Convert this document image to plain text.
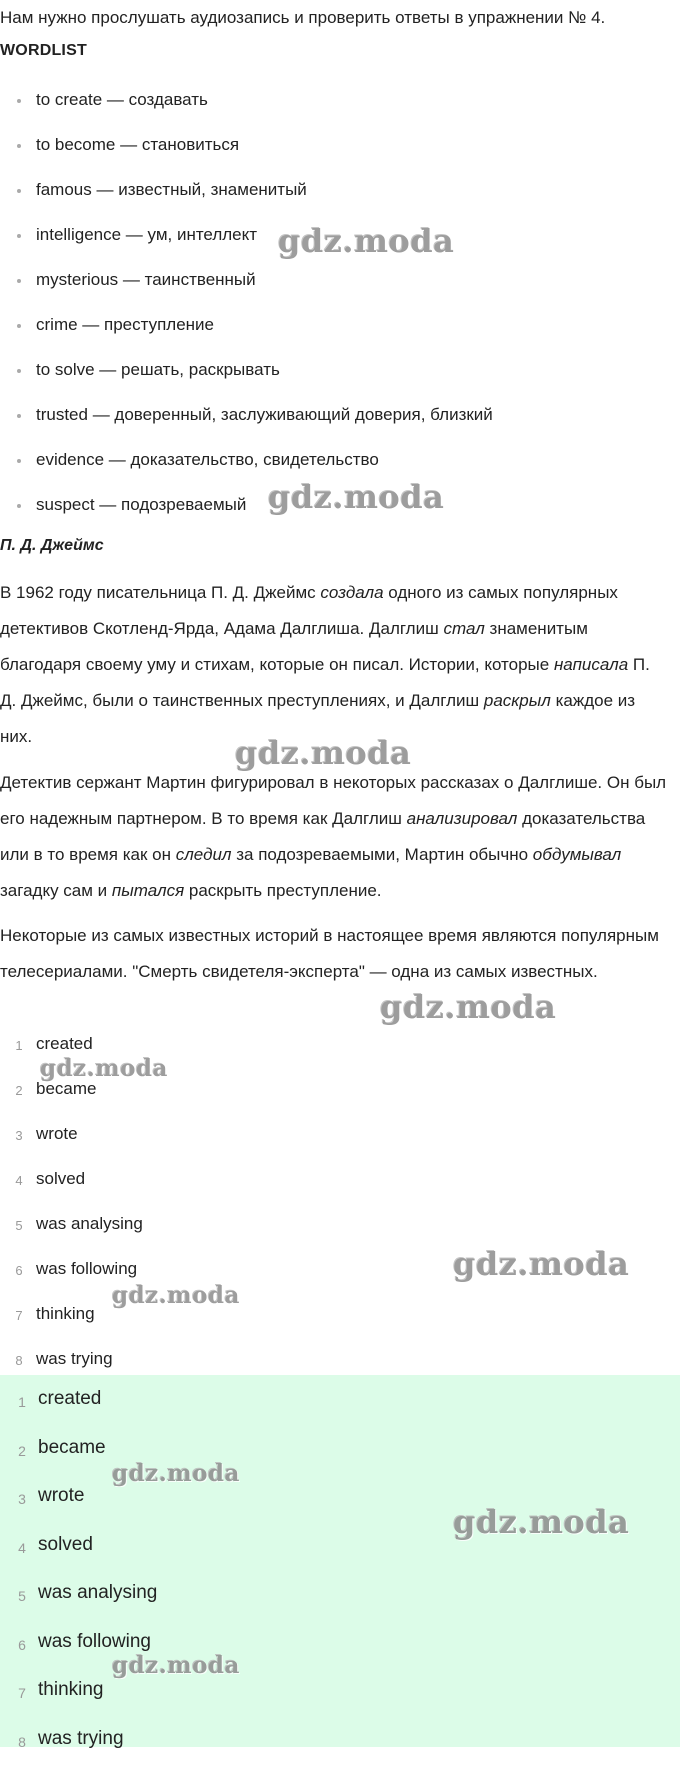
Нам нужно прослушать аудиозапись и проверить ответы в упражнении № 4.
WORDLIST
to create — создавать
to become — становиться
famous — известный, знаменитый
intelligence — ум, интеллект
mysterious — таинственный
crime — преступление
to solve — решать, раскрывать
trusted — доверенный, заслуживающий доверия, близкий
evidence — доказательство, свидетельство
suspect — подозреваемый
П. Д. Джеймс

В 1962 году писательница П. Д. Джеймс создала одного из самых популярных детективов Скотленд-Ярда, Адама Далглиша. Далглиш стал знаменитым благодаря своему уму и стихам, которые он писал. Истории, которые написала П. Д. Джеймс, были о таинственных преступлениях, и Далглиш раскрыл каждое из них.

Детектив сержант Мартин фигурировал в некоторых рассказах о Далглише. Он был его надежным партнером. В то время как Далглиш анализировал доказательства или в то время как он следил за подозреваемыми, Мартин обычно обдумывал загадку сам и пытался раскрыть преступление.

Некоторые из самых известных историй в настоящее время являются популярным телесериалами. "Смерть свидетеля-эксперта" — одна из самых известных.

1 created
2 became
3 wrote
4 solved
5 was analysing
6 was following
7 thinking
8 was trying
1 created
2 became
3 wrote
4 solved
5 was analysing
6 was following
7 thinking
8 was trying
gdz.moda
gdz.moda
gdz.moda
gdz.moda
gdz.moda
gdz.moda
gdz.moda
gdz.moda
gdz.moda
gdz.moda
